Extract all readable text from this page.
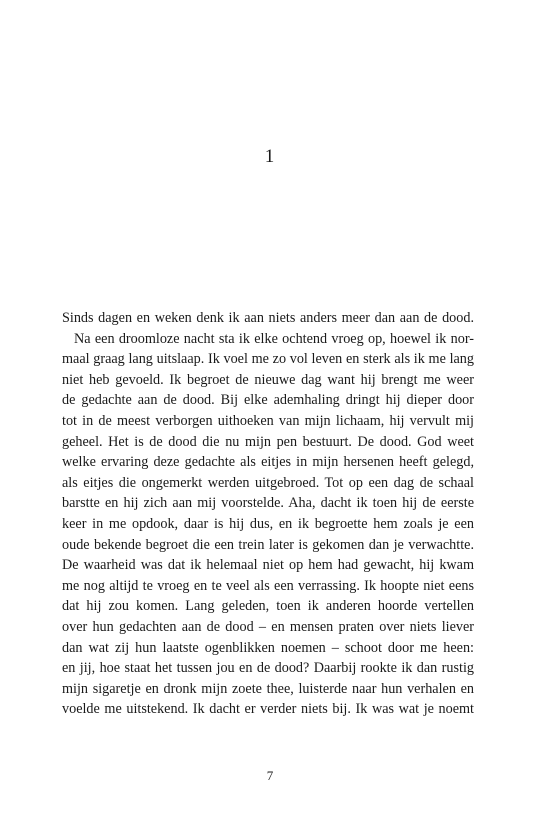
1
Sinds dagen en weken denk ik aan niets anders meer dan aan de dood.
Na een droomloze nacht sta ik elke ochtend vroeg op, hoewel ik nor-
maal graag lang uitslaap. Ik voel me zo vol leven en sterk als ik me lang
niet heb gevoeld. Ik begroet de nieuwe dag want hij brengt me weer
de gedachte aan de dood. Bij elke ademhaling dringt hij dieper door
tot in de meest verborgen uithoeken van mijn lichaam, hij vervult mij
geheel. Het is de dood die nu mijn pen bestuurt. De dood. God weet
welke ervaring deze gedachte als eitjes in mijn hersenen heeft gelegd,
als eitjes die ongemerkt werden uitgebroed. Tot op een dag de schaal
barstte en hij zich aan mij voorstelde. Aha, dacht ik toen hij de eerste
keer in me opdook, daar is hij dus, en ik begroette hem zoals je een
oude bekende begroet die een trein later is gekomen dan je verwachtte.
De waarheid was dat ik helemaal niet op hem had gewacht, hij kwam
me nog altijd te vroeg en te veel als een verrassing. Ik hoopte niet eens
dat hij zou komen. Lang geleden, toen ik anderen hoorde vertellen
over hun gedachten aan de dood – en mensen praten over niets liever
dan wat zij hun laatste ogenblikken noemen – schoot door me heen:
en jij, hoe staat het tussen jou en de dood? Daarbij rookte ik dan rustig
mijn sigaretje en dronk mijn zoete thee, luisterde naar hun verhalen en
voelde me uitstekend. Ik dacht er verder niets bij. Ik was wat je noemt
7
